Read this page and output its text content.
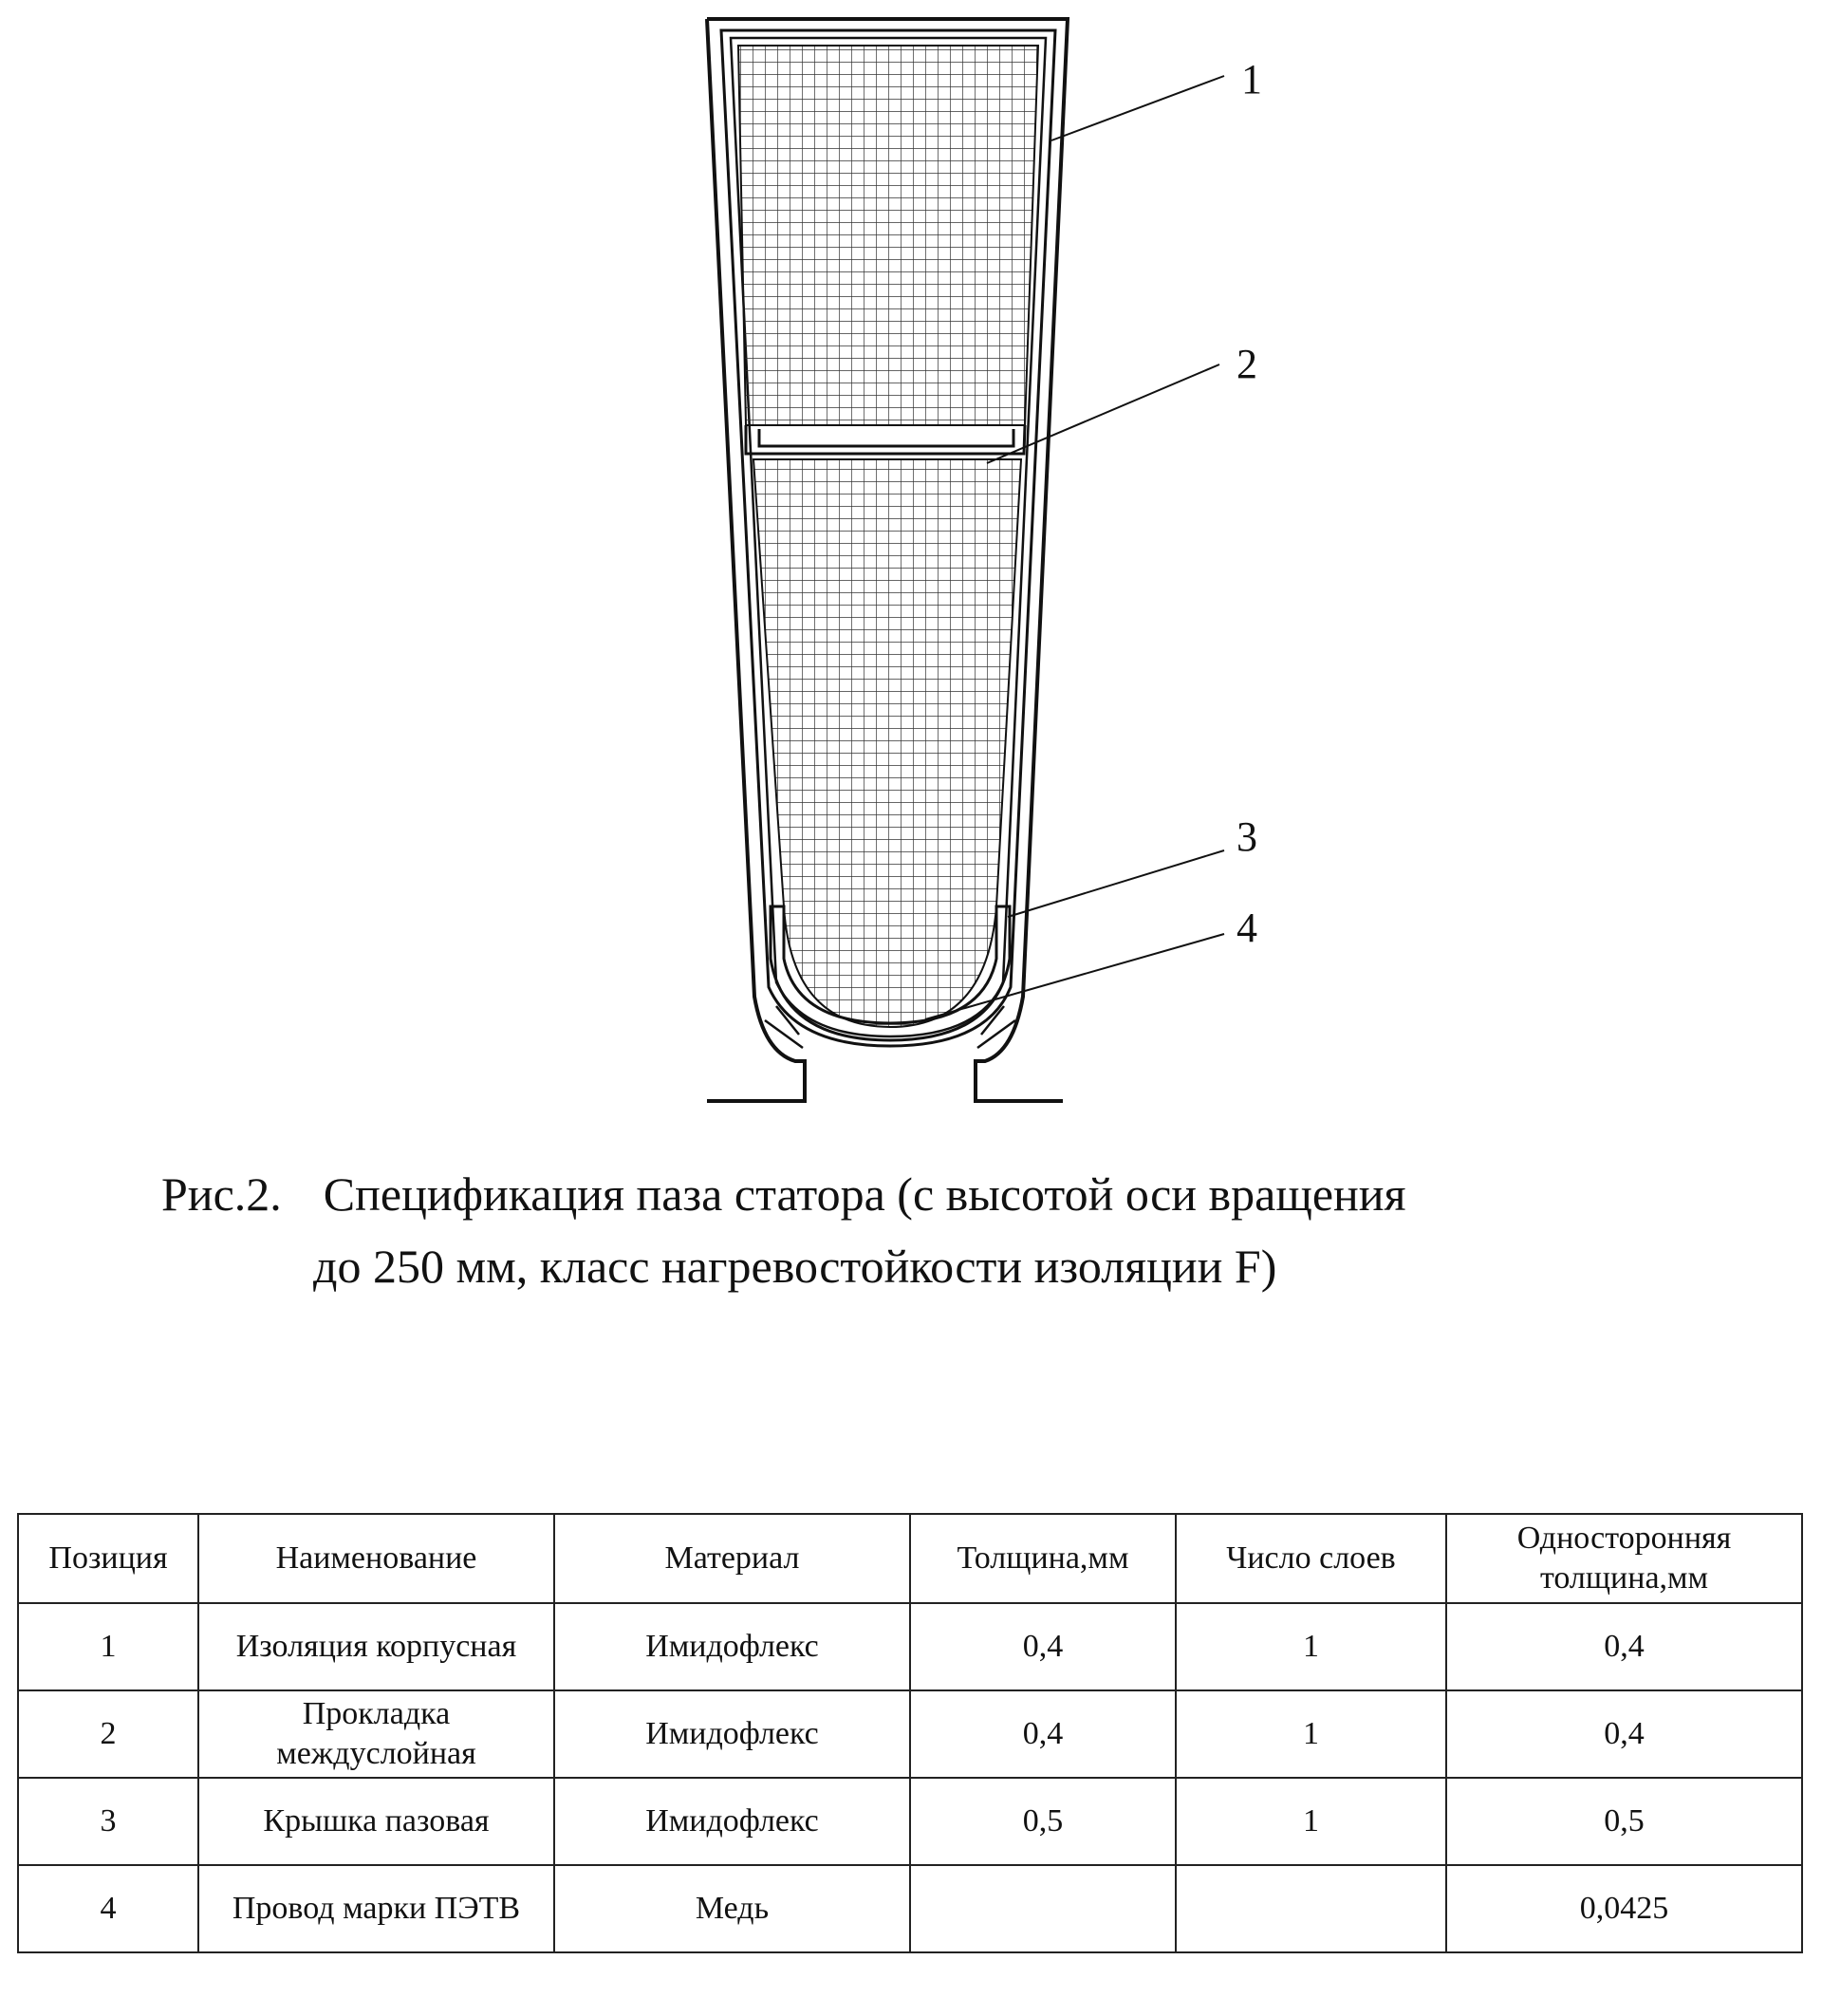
1
2
3
4
Рис.2. Спецификация паза статора (с высотой оси вращения
до 250 мм, класс нагревостойкости изоляции F)
Позиция	Наименование	Материал	Толщина,мм	Число слоев	Односторонняя толщина,мм
1	Изоляция корпусная	Имидофлекс	0,4	1	0,4
2	Прокладка междуслойная	Имидофлекс	0,4	1	0,4
3	Крышка пазовая	Имидофлекс	0,5	1	0,5
4	Провод марки ПЭТВ	Медь			0,0425
